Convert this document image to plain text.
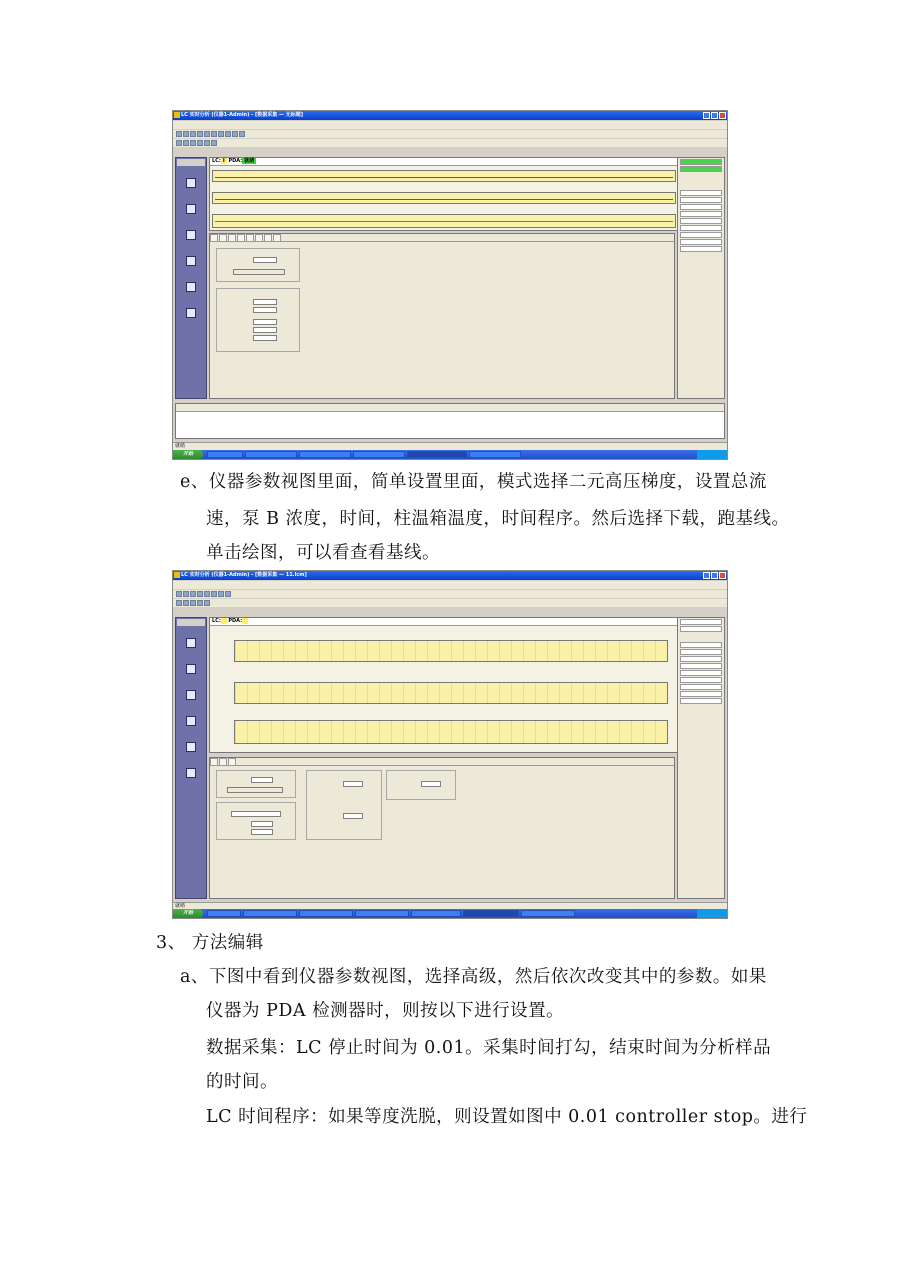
LC 实时分析 (仪器1-Admin) - [数据采集 — 无标题]
LC: I PDA: 就绪
就绪
开始
e、仪器参数视图里面，简单设置里面，模式选择二元高压梯度，设置总流
速，泵 B 浓度，时间，柱温箱温度，时间程序。然后选择下载，跑基线。
单击绘图，可以看查看基线。
LC 实时分析 (仪器1-Admin) - [数据采集 — 11.lcm]
LC:  PDA:
就绪
开始
3、 方法编辑
a、下图中看到仪器参数视图，选择高级，然后依次改变其中的参数。如果
仪器为 PDA 检测器时，则按以下进行设置。
数据采集：LC 停止时间为 0.01。采集时间打勾，结束时间为分析样品
的时间。
LC 时间程序：如果等度洗脱，则设置如图中 0.01 controller stop。进行
